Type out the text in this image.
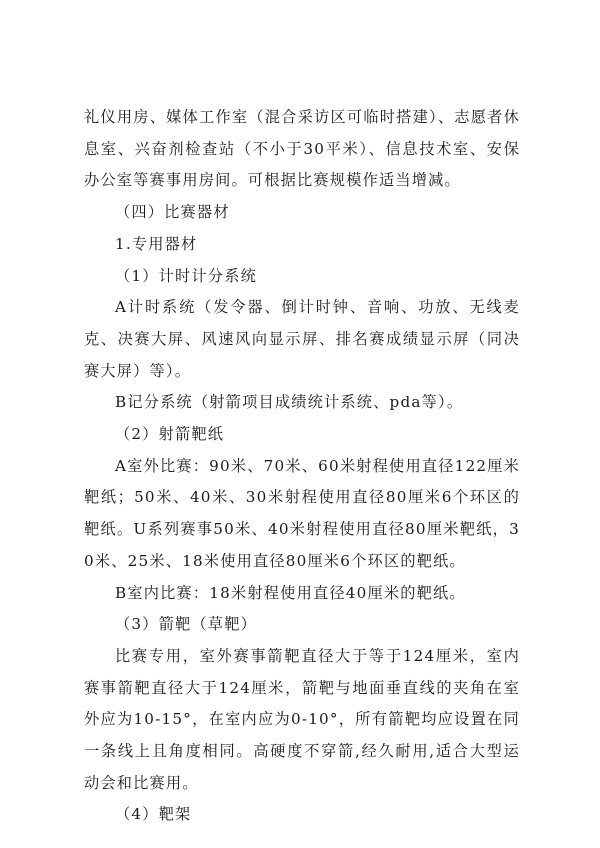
礼仪用房、媒体工作室（混合采访区可临时搭建）、志愿者休息室、兴奋剂检查站（不小于30平米）、信息技术室、安保办公室等赛事用房间。可根据比赛规模作适当增减。

（四）比赛器材

1.专用器材

（1）计时计分系统

A计时系统（发令器、倒计时钟、音响、功放、无线麦克、决赛大屏、风速风向显示屏、排名赛成绩显示屏（同决赛大屏）等）。

B记分系统（射箭项目成绩统计系统、pda等）。

（2）射箭靶纸

A室外比赛：90米、70米、60米射程使用直径122厘米靶纸；50米、40米、30米射程使用直径80厘米6个环区的靶纸。U系列赛事50米、40米射程使用直径80厘米靶纸，30米、25米、18米使用直径80厘米6个环区的靶纸。

B室内比赛：18米射程使用直径40厘米的靶纸。

（3）箭靶（草靶）

比赛专用，室外赛事箭靶直径大于等于124厘米，室内赛事箭靶直径大于124厘米，箭靶与地面垂直线的夹角在室外应为10-15°，在室内应为0-10°，所有箭靶均应设置在同一条线上且角度相同。高硬度不穿箭,经久耐用,适合大型运动会和比赛用。

（4）靶架
